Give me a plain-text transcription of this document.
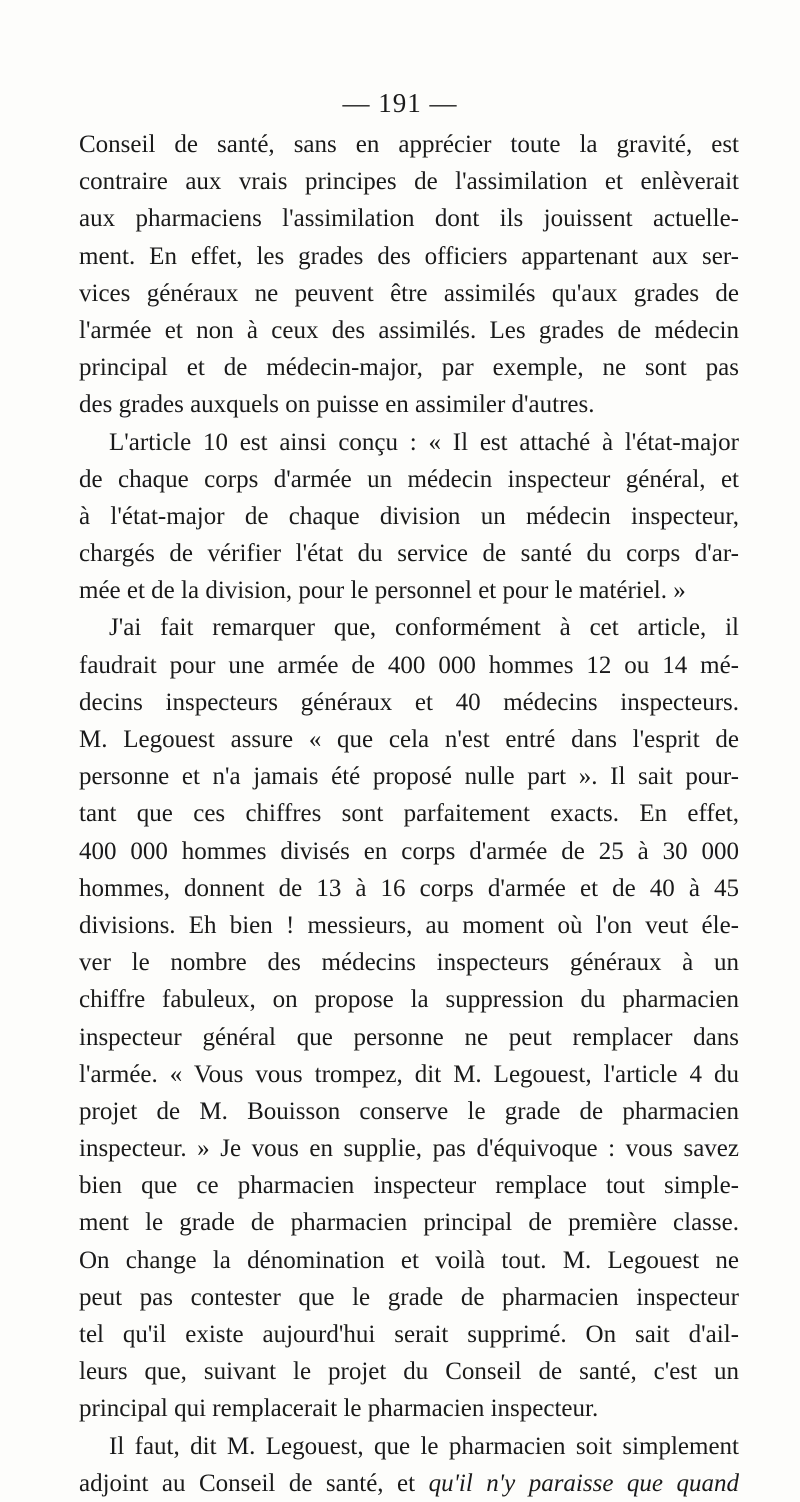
— 191 —
Conseil de santé, sans en apprécier toute la gravité, est
contraire aux vrais principes de l'assimilation et enlèverait
aux pharmaciens l'assimilation dont ils jouissent actuelle-
ment. En effet, les grades des officiers appartenant aux ser-
vices généraux ne peuvent être assimilés qu'aux grades de
l'armée et non à ceux des assimilés. Les grades de médecin
principal et de médecin-major, par exemple, ne sont pas
des grades auxquels on puisse en assimiler d'autres.
L'article 10 est ainsi conçu : « Il est attaché à l'état-major
de chaque corps d'armée un médecin inspecteur général, et
à l'état-major de chaque division un médecin inspecteur,
chargés de vérifier l'état du service de santé du corps d'ar-
mée et de la division, pour le personnel et pour le matériel. »
J'ai fait remarquer que, conformément à cet article, il
faudrait pour une armée de 400 000 hommes 12 ou 14 mé-
decins inspecteurs généraux et 40 médecins inspecteurs.
M. Legouest assure « que cela n'est entré dans l'esprit de
personne et n'a jamais été proposé nulle part ». Il sait pour-
tant que ces chiffres sont parfaitement exacts. En effet,
400 000 hommes divisés en corps d'armée de 25 à 30 000
hommes, donnent de 13 à 16 corps d'armée et de 40 à 45
divisions. Eh bien ! messieurs, au moment où l'on veut éle-
ver le nombre des médecins inspecteurs généraux à un
chiffre fabuleux, on propose la suppression du pharmacien
inspecteur général que personne ne peut remplacer dans
l'armée. « Vous vous trompez, dit M. Legouest, l'article 4 du
projet de M. Bouisson conserve le grade de pharmacien
inspecteur. » Je vous en supplie, pas d'équivoque : vous savez
bien que ce pharmacien inspecteur remplace tout simple-
ment le grade de pharmacien principal de première classe.
On change la dénomination et voilà tout. M. Legouest ne
peut pas contester que le grade de pharmacien inspecteur
tel qu'il existe aujourd'hui serait supprimé. On sait d'ail-
leurs que, suivant le projet du Conseil de santé, c'est un
principal qui remplacerait le pharmacien inspecteur.
Il faut, dit M. Legouest, que le pharmacien soit simplement
adjoint au Conseil de santé, et qu'il n'y paraisse que quand
